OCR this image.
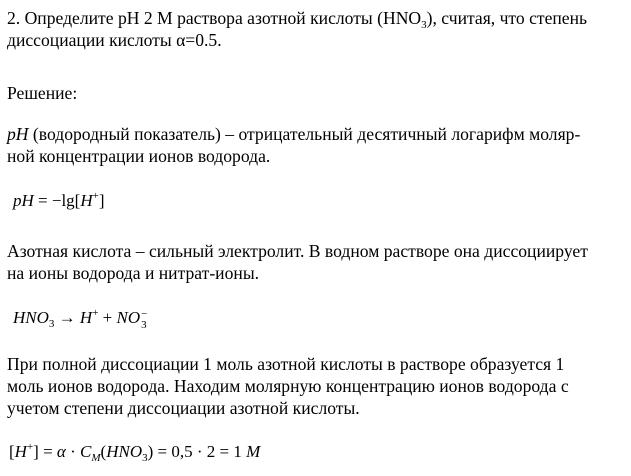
2. Определите pH 2 M раствора азотной кислоты $(HNO_3)$, считая, что степень

диссоциации кислоты α=0.5.

Решение:

pH (водородный показатель) – отрицательный десятичный логарифм моляр-

ной концентрации ионов водорода.

pH = −lg[H+]

Азотная кислота – сильный электролит. В водном растворе она диссоциирует

на ионы водорода и нитрат-ионы.

$HNO_3 \to H^+$ + NO −
3

При полной диссоциации 1 моль азотной кислоты в растворе образуется 1

моль ионов водорода. Находим молярную концентрацию ионов водорода с

учетом степени диссоциации азотной кислоты.

$[H^+] = \alpha \cdot C_M(HNO_3) = 0,5 \cdot 2 = 1$ M
